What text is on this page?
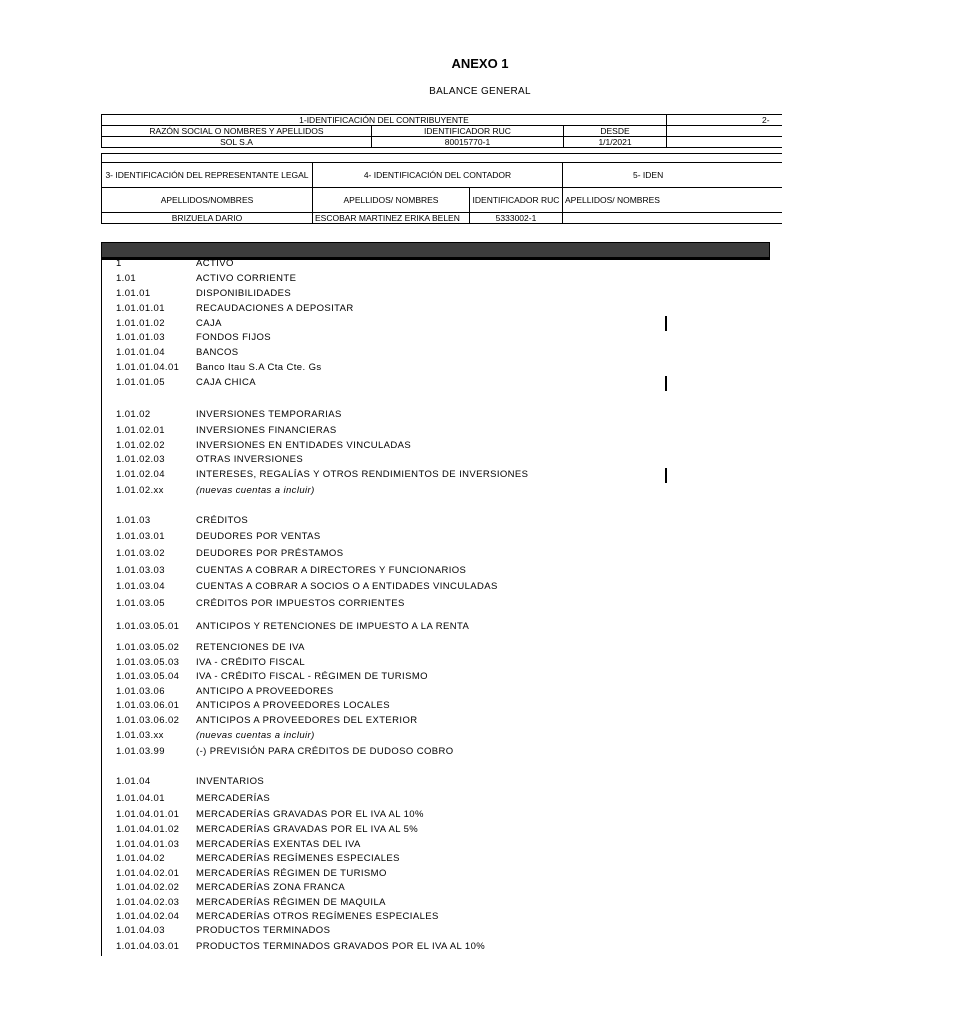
ANEXO 1
BALANCE GENERAL
1-IDENTIFICACIÓN DEL CONTRIBUYENTE			2-
RAZÓN SOCIAL O NOMBRES Y APELLIDOS	IDENTIFICADOR RUC	DESDE	
SOL S.A	80015770-1	1/1/2021	

3- IDENTIFICACIÓN DEL REPRESENTANTE LEGAL	4- IDENTIFICACIÓN DEL CONTADOR		5- IDEN
APELLIDOS/NOMBRES	APELLIDOS/ NOMBRES	IDENTIFICADOR RUC	APELLIDOS/ NOMBRES
BRIZUELA DARIO	ESCOBAR MARTINEZ ERIKA BELEN	5333002-1	
1	ACTIVO
1.01	ACTIVO CORRIENTE
1.01.01	DISPONIBILIDADES
1.01.01.01	RECAUDACIONES A DEPOSITAR
1.01.01.02	CAJA
1.01.01.03	FONDOS FIJOS
1.01.01.04	BANCOS
1.01.01.04.01	Banco Itau S.A Cta Cte. Gs
1.01.01.05	CAJA CHICA
1.01.02	INVERSIONES TEMPORARIAS
1.01.02.01	INVERSIONES FINANCIERAS
1.01.02.02	INVERSIONES EN ENTIDADES VINCULADAS
1.01.02.03	OTRAS INVERSIONES
1.01.02.04	INTERESES, REGALÍAS Y OTROS RENDIMIENTOS DE INVERSIONES
1.01.02.xx	(nuevas cuentas a incluir)
1.01.03	CRÉDITOS
1.01.03.01	DEUDORES POR VENTAS
1.01.03.02	DEUDORES POR PRÉSTAMOS
1.01.03.03	CUENTAS A COBRAR A DIRECTORES Y FUNCIONARIOS
1.01.03.04	CUENTAS A COBRAR A SOCIOS O A ENTIDADES VINCULADAS
1.01.03.05	CRÉDITOS POR IMPUESTOS CORRIENTES
1.01.03.05.01	ANTICIPOS Y RETENCIONES DE IMPUESTO A LA RENTA
1.01.03.05.02	RETENCIONES DE IVA
1.01.03.05.03	IVA - CRÉDITO FISCAL
1.01.03.05.04	IVA - CRÉDITO FISCAL - RÉGIMEN DE TURISMO
1.01.03.06	ANTICIPO A PROVEEDORES
1.01.03.06.01	ANTICIPOS A PROVEEDORES LOCALES
1.01.03.06.02	ANTICIPOS A PROVEEDORES DEL EXTERIOR
1.01.03.xx	(nuevas cuentas a incluir)
1.01.03.99	(-) PREVISIÓN PARA CRÉDITOS DE DUDOSO COBRO
1.01.04	INVENTARIOS
1.01.04.01	MERCADERÍAS
1.01.04.01.01	MERCADERÍAS GRAVADAS POR EL IVA AL 10%
1.01.04.01.02	MERCADERÍAS GRAVADAS POR EL IVA AL 5%
1.01.04.01.03	MERCADERÍAS EXENTAS DEL IVA
1.01.04.02	MERCADERÍAS REGÍMENES ESPECIALES
1.01.04.02.01	MERCADERÍAS RÉGIMEN DE TURISMO
1.01.04.02.02	MERCADERÍAS ZONA FRANCA
1.01.04.02.03	MERCADERÍAS RÉGIMEN DE MAQUILA
1.01.04.02.04	MERCADERÍAS OTROS REGÍMENES ESPECIALES
1.01.04.03	PRODUCTOS TERMINADOS
1.01.04.03.01	PRODUCTOS TERMINADOS GRAVADOS POR EL IVA AL 10%
